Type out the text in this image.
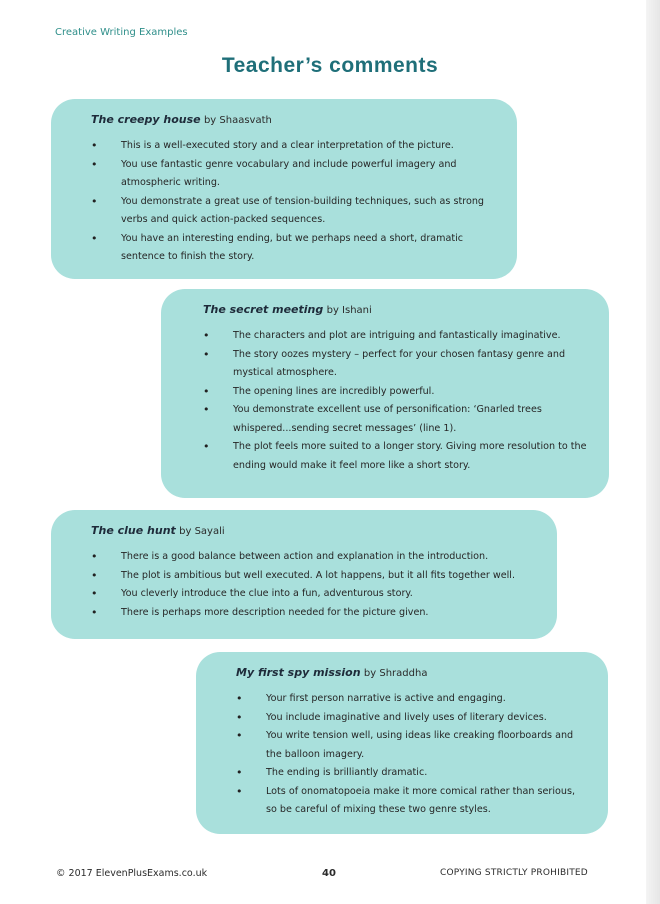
Creative Writing Examples
Teacher’s comments
The creepy house by Shaasvath
• This is a well-executed story and a clear interpretation of the picture.
• You use fantastic genre vocabulary and include powerful imagery and atmospheric writing.
• You demonstrate a great use of tension-building techniques, such as strong verbs and quick action-packed sequences.
• You have an interesting ending, but we perhaps need a short, dramatic sentence to finish the story.
The secret meeting by Ishani
• The characters and plot are intriguing and fantastically imaginative.
• The story oozes mystery – perfect for your chosen fantasy genre and mystical atmosphere.
• The opening lines are incredibly powerful.
• You demonstrate excellent use of personification: ‘Gnarled trees whispered...sending secret messages’ (line 1).
• The plot feels more suited to a longer story. Giving more resolution to the ending would make it feel more like a short story.
The clue hunt by Sayali
• There is a good balance between action and explanation in the introduction.
• The plot is ambitious but well executed. A lot happens, but it all fits together well.
• You cleverly introduce the clue into a fun, adventurous story.
• There is perhaps more description needed for the picture given.
My first spy mission by Shraddha
• Your first person narrative is active and engaging.
• You include imaginative and lively uses of literary devices.
• You write tension well, using ideas like creaking floorboards and the balloon imagery.
• The ending is brilliantly dramatic.
• Lots of onomatopoeia make it more comical rather than serious, so be careful of mixing these two genre styles.
© 2017 ElevenPlusExams.co.uk	40	COPYING STRICTLY PROHIBITED
